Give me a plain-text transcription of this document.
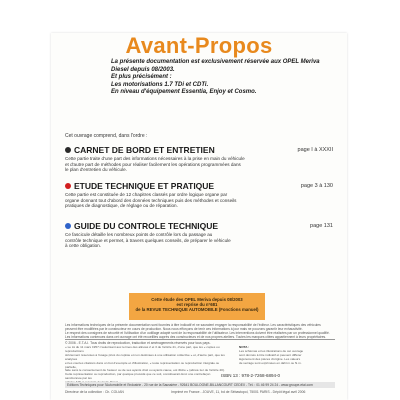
Avant-Propos
La présente documentation est exclusivement réservée aux OPEL Meriva
Diesel depuis 08/2003.
Et plus précisément :
Les motorisations 1.7 TDi et CDTi.
En niveau d'équipement Essentia, Enjoy et Cosmo.
Cet ouvrage comprend, dans l'ordre :
CARNET DE BORD ET ENTRETIEN	page I à XXXII
Cette partie traite d'une part des informations nécessaires à la prise en main du véhicule
et d'autre part de méthodes pour réaliser facilement les opérations programmées dans
le plan d'entretien du véhicule.
ETUDE TECHNIQUE ET PRATIQUE	page 3 à 130
Cette partie est constituée de 12 chapitres classés par ordre logique organe par
organe donnant tout d'abord des données techniques puis des méthodes et conseils
pratiques de diagnostique, de réglage ou de réparation.
GUIDE DU CONTROLE TECHNIQUE	page 131
Ce fascicule détaille les nombreux points de contrôle lors du passage au
contrôle technique et permet, à travers quelques conseils, de préparer le véhicule
à cette obligation.
Cette étude des OPEL Meriva depuis 08/2003
est reprise du n°681
de la REVUE TECHNIQUE AUTOMOBILE (Fonctions manuel)
Les informations techniques de la présente documentation sont fournies à titre indicatif et ne sauraient engager la responsabilité de l'éditeur. Les caractéristiques des véhicules
peuvent être modifiées par le constructeur en cours de production. Nous nous efforçons de tenir ces informations à jour mais ne pouvons garantir leur exhaustivité.
Le respect des consignes de sécurité et l'utilisation d'un outillage adapté sont de la responsabilité de l'utilisateur. Les interventions doivent être réalisées par un professionnel qualifié.
Les informations contenues dans cet ouvrage ont été recueillies auprès des constructeurs et de nos propres ateliers. Toutes les marques citées appartiennent à leurs propriétaires.
© 2006 - E.T.A.I. Tous droits de reproduction, traduction et aménagements réservés pour tous pays.
« Le loi du 11 mars 1957 n'autorisant aux termes des alinéas 2 et 3 de l'article 41, d'une part, que les « copies ou reproductions
strictement réservées à l'usage privé du copiste et non destinées à une utilisation collective » et, d'autre part, que les analyses
et les courtes citations dans un but d'exemple et d'illustration, « toute représentation ou reproduction intégrale ou partielle,
faite sans le consentement de l'auteur ou de ses ayants droit ou ayants cause, est illicite » (alinéa 1er de l'article 40).
Cette représentation ou reproduction, par quelque procédé que ce soit, constituerait donc une contrefaçon sanctionnée par les
NOTA :
Les schémas et les illustrations de cet ouvrage
sont donnés à titre indicatif et peuvent différer
légèrement des pièces d'origine. Les valeurs
de serrage sont exprimées en daN.m ou N.m.
ISBN 13 : 978-2-7268-6894-0
Editions Techniques pour l'Automobile et l'Industrie - 20 rue de la Saussière - 92641 BOULOGNE-BILLANCOURT CEDEX - Tél. : 01 46 99 24 24 - www.groupe-etai.com
Directeur de la collection : Ch. COLIAN	Imprimé en France - JOUVE, 11, bd de Sébastopol, 75001 PARIS - Dépôt légal avril 2006
